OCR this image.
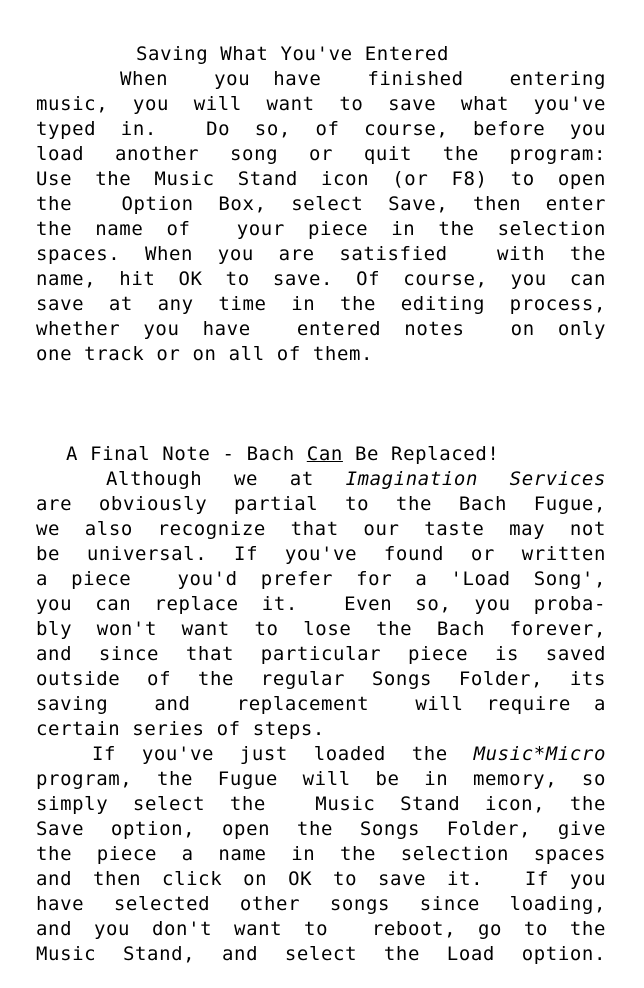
Saving What You've Entered
When  you have  finished  entering
music, you will want to save what you've
typed in.  Do so, of course, before you
load another song or quit the program:
Use the Music Stand icon (or F8) to open
the  Option Box, select Save, then enter
the name of  your piece in the selection
spaces. When you are satisfied  with the
name, hit OK to save. Of course, you can
save at any time in the editing process,
whether you have  entered notes  on only
one track or on all of them.
A Final Note - Bach Can Be Replaced!
Although we at Imagination Services
are obviously partial to the Bach Fugue,
we also recognize that our taste may not
be universal. If you've found or written
a piece  you'd prefer for a 'Load Song',
you can replace it.  Even so, you proba-
bly won't want to lose the Bach forever,
and since that particular piece is saved
outside of the regular Songs Folder, its
saving  and  replacement  will require a
certain series of steps.
If you've just loaded the Music*Micro
program, the Fugue will be in memory, so
simply select the  Music Stand icon, the
Save option, open the Songs Folder, give
the piece a name in the selection spaces
and then click on OK to save it.  If you
have selected other songs since loading,
and you don't want to  reboot, go to the
Music Stand, and select the Load option.
